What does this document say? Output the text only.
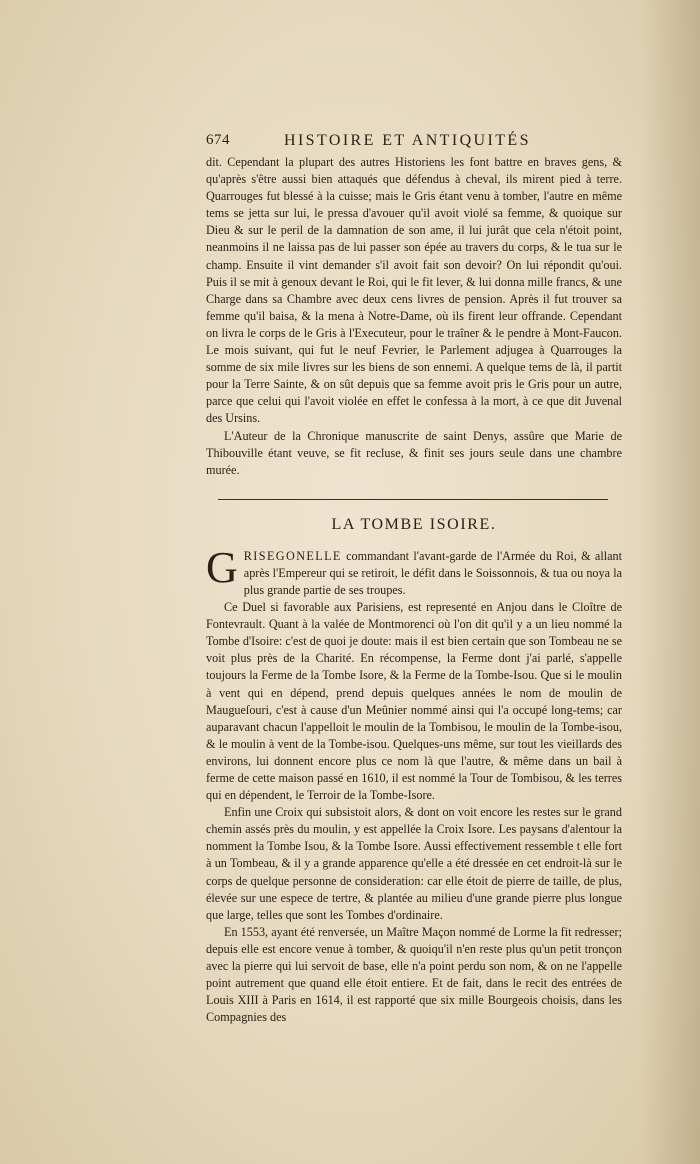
674	HISTOIRE ET ANTIQUITÉS

dit. Cependant la plupart des autres Historiens les font battre en braves gens, & qu'après s'être aussi bien attaqués que défendus à cheval, ils mirent pied à terre. Quarrouges fut blessé à la cuisse; mais le Gris étant venu à tomber, l'autre en même tems se jetta sur lui, le pressa d'avouer qu'il avoit violé sa femme, & quoique sur Dieu & sur le peril de la damnation de son ame, il lui jurât que cela n'étoit point, neanmoins il ne laissa pas de lui passer son épée au travers du corps, & le tua sur le champ. Ensuite il vint demander s'il avoit fait son devoir? On lui répondit qu'oui. Puis il se mit à genoux devant le Roi, qui le fit lever, & lui donna mille francs, & une Charge dans sa Chambre avec deux cens livres de pension. Après il fut trouver sa femme qu'il baisa, & la mena à Notre-Dame, où ils firent leur offrande. Cependant on livra le corps de le Gris à l'Executeur, pour le traîner & le pendre à Mont-Faucon. Le mois suivant, qui fut le neuf Fevrier, le Parlement adjugea à Quarrouges la somme de six mile livres sur les biens de son ennemi. A quelque tems de là, il partit pour la Terre Sainte, & on sût depuis que sa femme avoit pris le Gris pour un autre, parce que celui qui l'avoit violée en effet le confessa à la mort, à ce que dit Juvenal des Ursins.

L'Auteur de la Chronique manuscrite de saint Denys, assûre que Marie de Thibouville étant veuve, se fit recluse, & finit ses jours seule dans une chambre murée.

LA TOMBE ISOIRE.

GRISEGONELLE commandant l'avant-garde de l'Armée du Roi, & allant après l'Empereur qui se retiroit, le défit dans le Soissonnois, & tua ou noya la plus grande partie de ses troupes.

Ce Duel si favorable aux Parisiens, est representé en Anjou dans le Cloître de Fontevrault. Quant à la valée de Montmorenci où l'on dit qu'il y a un lieu nommé la Tombe d'Isoire: c'est de quoi je doute: mais il est bien certain que son Tombeau ne se voit plus près de la Charité. En récompense, la Ferme dont j'ai parlé, s'appelle toujours la Ferme de la Tombe Isore, & la Ferme de la Tombe-Isou. Que si le moulin à vent qui en dépend, prend depuis quelques années le nom de moulin de Maugueſouri, c'est à cause d'un Meûnier nommé ainsi qui l'a occupé long-tems; car auparavant chacun l'appelloit le moulin de la Tombisou, le moulin de la Tombe-isou, & le moulin à vent de la Tombe-isou. Quelques-uns même, sur tout les vieillards des environs, lui donnent encore plus ce nom là que l'autre, & même dans un bail à ferme de cette maison passé en 1610, il est nommé la Tour de Tombisou, & les terres qui en dépendent, le Terroir de la Tombe-Isore.

Enfin une Croix qui subsistoit alors, & dont on voit encore les restes sur le grand chemin assés près du moulin, y est appellée la Croix Isore. Les paysans d'alentour la nomment la Tombe Isou, & la Tombe Isore. Aussi effectivement ressemble t elle fort à un Tombeau, & il y a grande apparence qu'elle a été dressée en cet endroit-là sur le corps de quelque personne de consideration: car elle étoit de pierre de taille, de plus, élevée sur une espece de tertre, & plantée au milieu d'une grande pierre plus longue que large, telles que sont les Tombes d'ordinaire.

En 1553, ayant été renversée, un Maître Maçon nommé de Lorme la fit redresser; depuis elle est encore venue à tomber, & quoiqu'il n'en reste plus qu'un petit tronçon avec la pierre qui lui servoit de base, elle n'a point perdu son nom, & on ne l'appelle point autrement que quand elle étoit entiere. Et de fait, dans le recit des entrées de Louis XIII à Paris en 1614, il est rapporté que six mille Bourgeois choisis, dans les Compagnies des
